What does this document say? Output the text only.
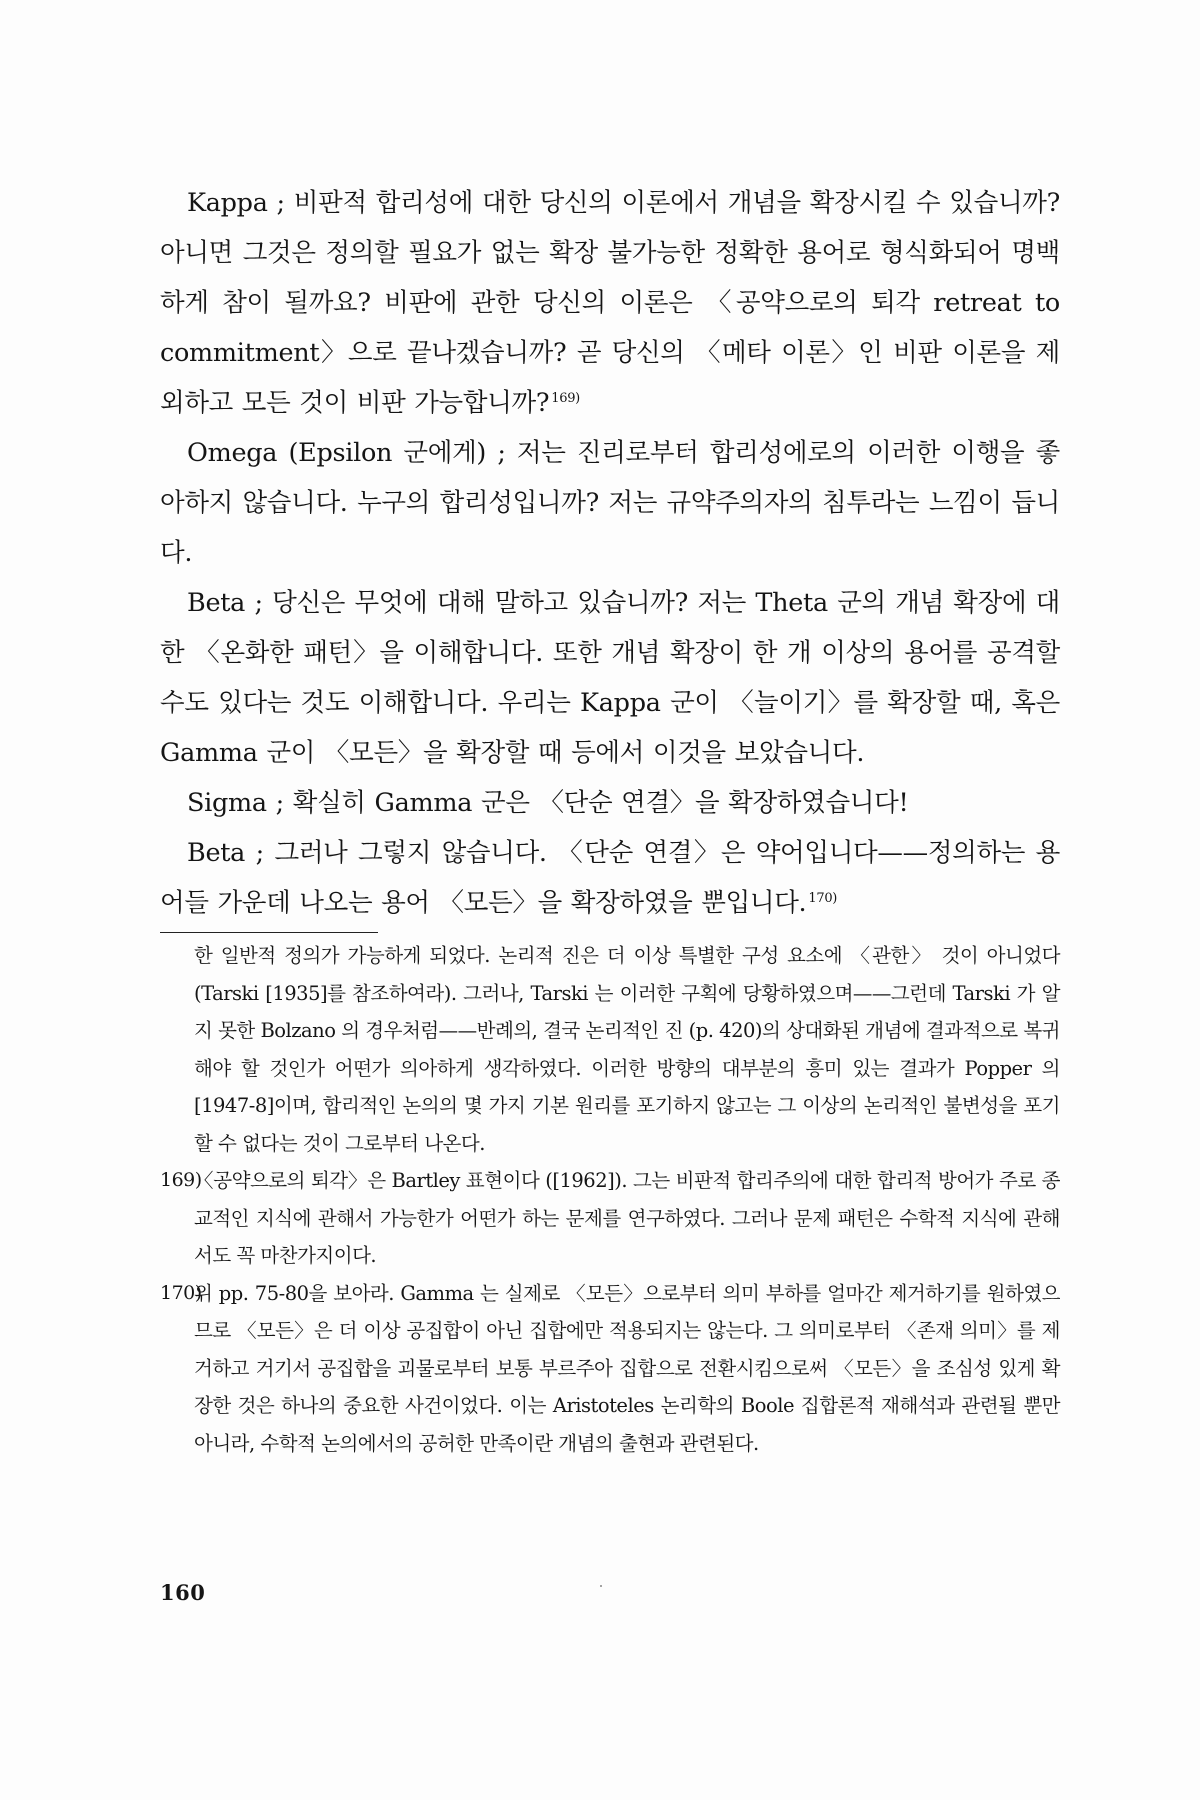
Kappa ; 비판적 합리성에 대한 당신의 이론에서 개념을 확장시킬 수 있습니까? 아니면 그것은 정의할 필요가 없는 확장 불가능한 정확한 용어로 형식화되어 명백하게 참이 될까요? 비판에 관한 당신의 이론은 〈공약으로의 퇴각 retreat to commitment〉으로 끝나겠습니까? 곧 당신의 〈메타 이론〉인 비판 이론을 제외하고 모든 것이 비판 가능합니까? $^{169)}$

Omega (Epsilon 군에게) ; 저는 진리로부터 합리성에로의 이러한 이행을 좋아하지 않습니다. 누구의 합리성입니까? 저는 규약주의자의 침투라는 느낌이 듭니다.

Beta ; 당신은 무엇에 대해 말하고 있습니까? 저는 Theta 군의 개념 확장에 대한 〈온화한 패턴〉을 이해합니다. 또한 개념 확장이 한 개 이상의 용어를 공격할 수도 있다는 것도 이해합니다. 우리는 Kappa 군이 〈늘이기〉를 확장할 때, 혹은 Gamma 군이 〈모든〉을 확장할 때 등에서 이것을 보았습니다.

Sigma ; 확실히 Gamma 군은 〈단순 연결〉을 확장하였습니다!

Beta ; 그러나 그렇지 않습니다. 〈단순 연결〉은 약어입니다——정의하는 용어들 가운데 나오는 용어 〈모든〉을 확장하였을 뿐입니다. $^{170)}$

한 일반적 정의가 가능하게 되었다. 논리적 진은 더 이상 특별한 구성 요소에 〈관한〉 것이 아니었다 (Tarski [1935]를 참조하여라). 그러나, Tarski 는 이러한 구획에 당황하였으며——그런데 Tarski 가 알지 못한 Bolzano 의 경우처럼——반례의, 결국 논리적인 진 (p. 420)의 상대화된 개념에 결과적으로 복귀해야 할 것인가 어떤가 의아하게 생각하였다. 이러한 방향의 대부분의 흥미 있는 결과가 Popper 의 [1947-8]이며, 합리적인 논의의 몇 가지 기본 원리를 포기하지 않고는 그 이상의 논리적인 불변성을 포기할 수 없다는 것이 그로부터 나온다.

169)
〈공약으로의 퇴각〉은 Bartley 표현이다 ([1962]). 그는 비판적 합리주의에 대한 합리적 방어가 주로 종교적인 지식에 관해서 가능한가 어떤가 하는 문제를 연구하였다. 그러나 문제 패턴은 수학적 지식에 관해서도 꼭 마찬가지이다.

170)
위 pp. 75-80을 보아라. Gamma 는 실제로 〈모든〉으로부터 의미 부하를 얼마간 제거하기를 원하였으므로 〈모든〉은 더 이상 공집합이 아닌 집합에만 적용되지는 않는다. 그 의미로부터 〈존재 의미〉를 제거하고 거기서 공집합을 괴물로부터 보통 부르주아 집합으로 전환시킴으로써 〈모든〉을 조심성 있게 확장한 것은 하나의 중요한 사건이었다. 이는 Aristoteles 논리학의 Boole 집합론적 재해석과 관련될 뿐만 아니라, 수학적 논의에서의 공허한 만족이란 개념의 출현과 관련된다.

160
